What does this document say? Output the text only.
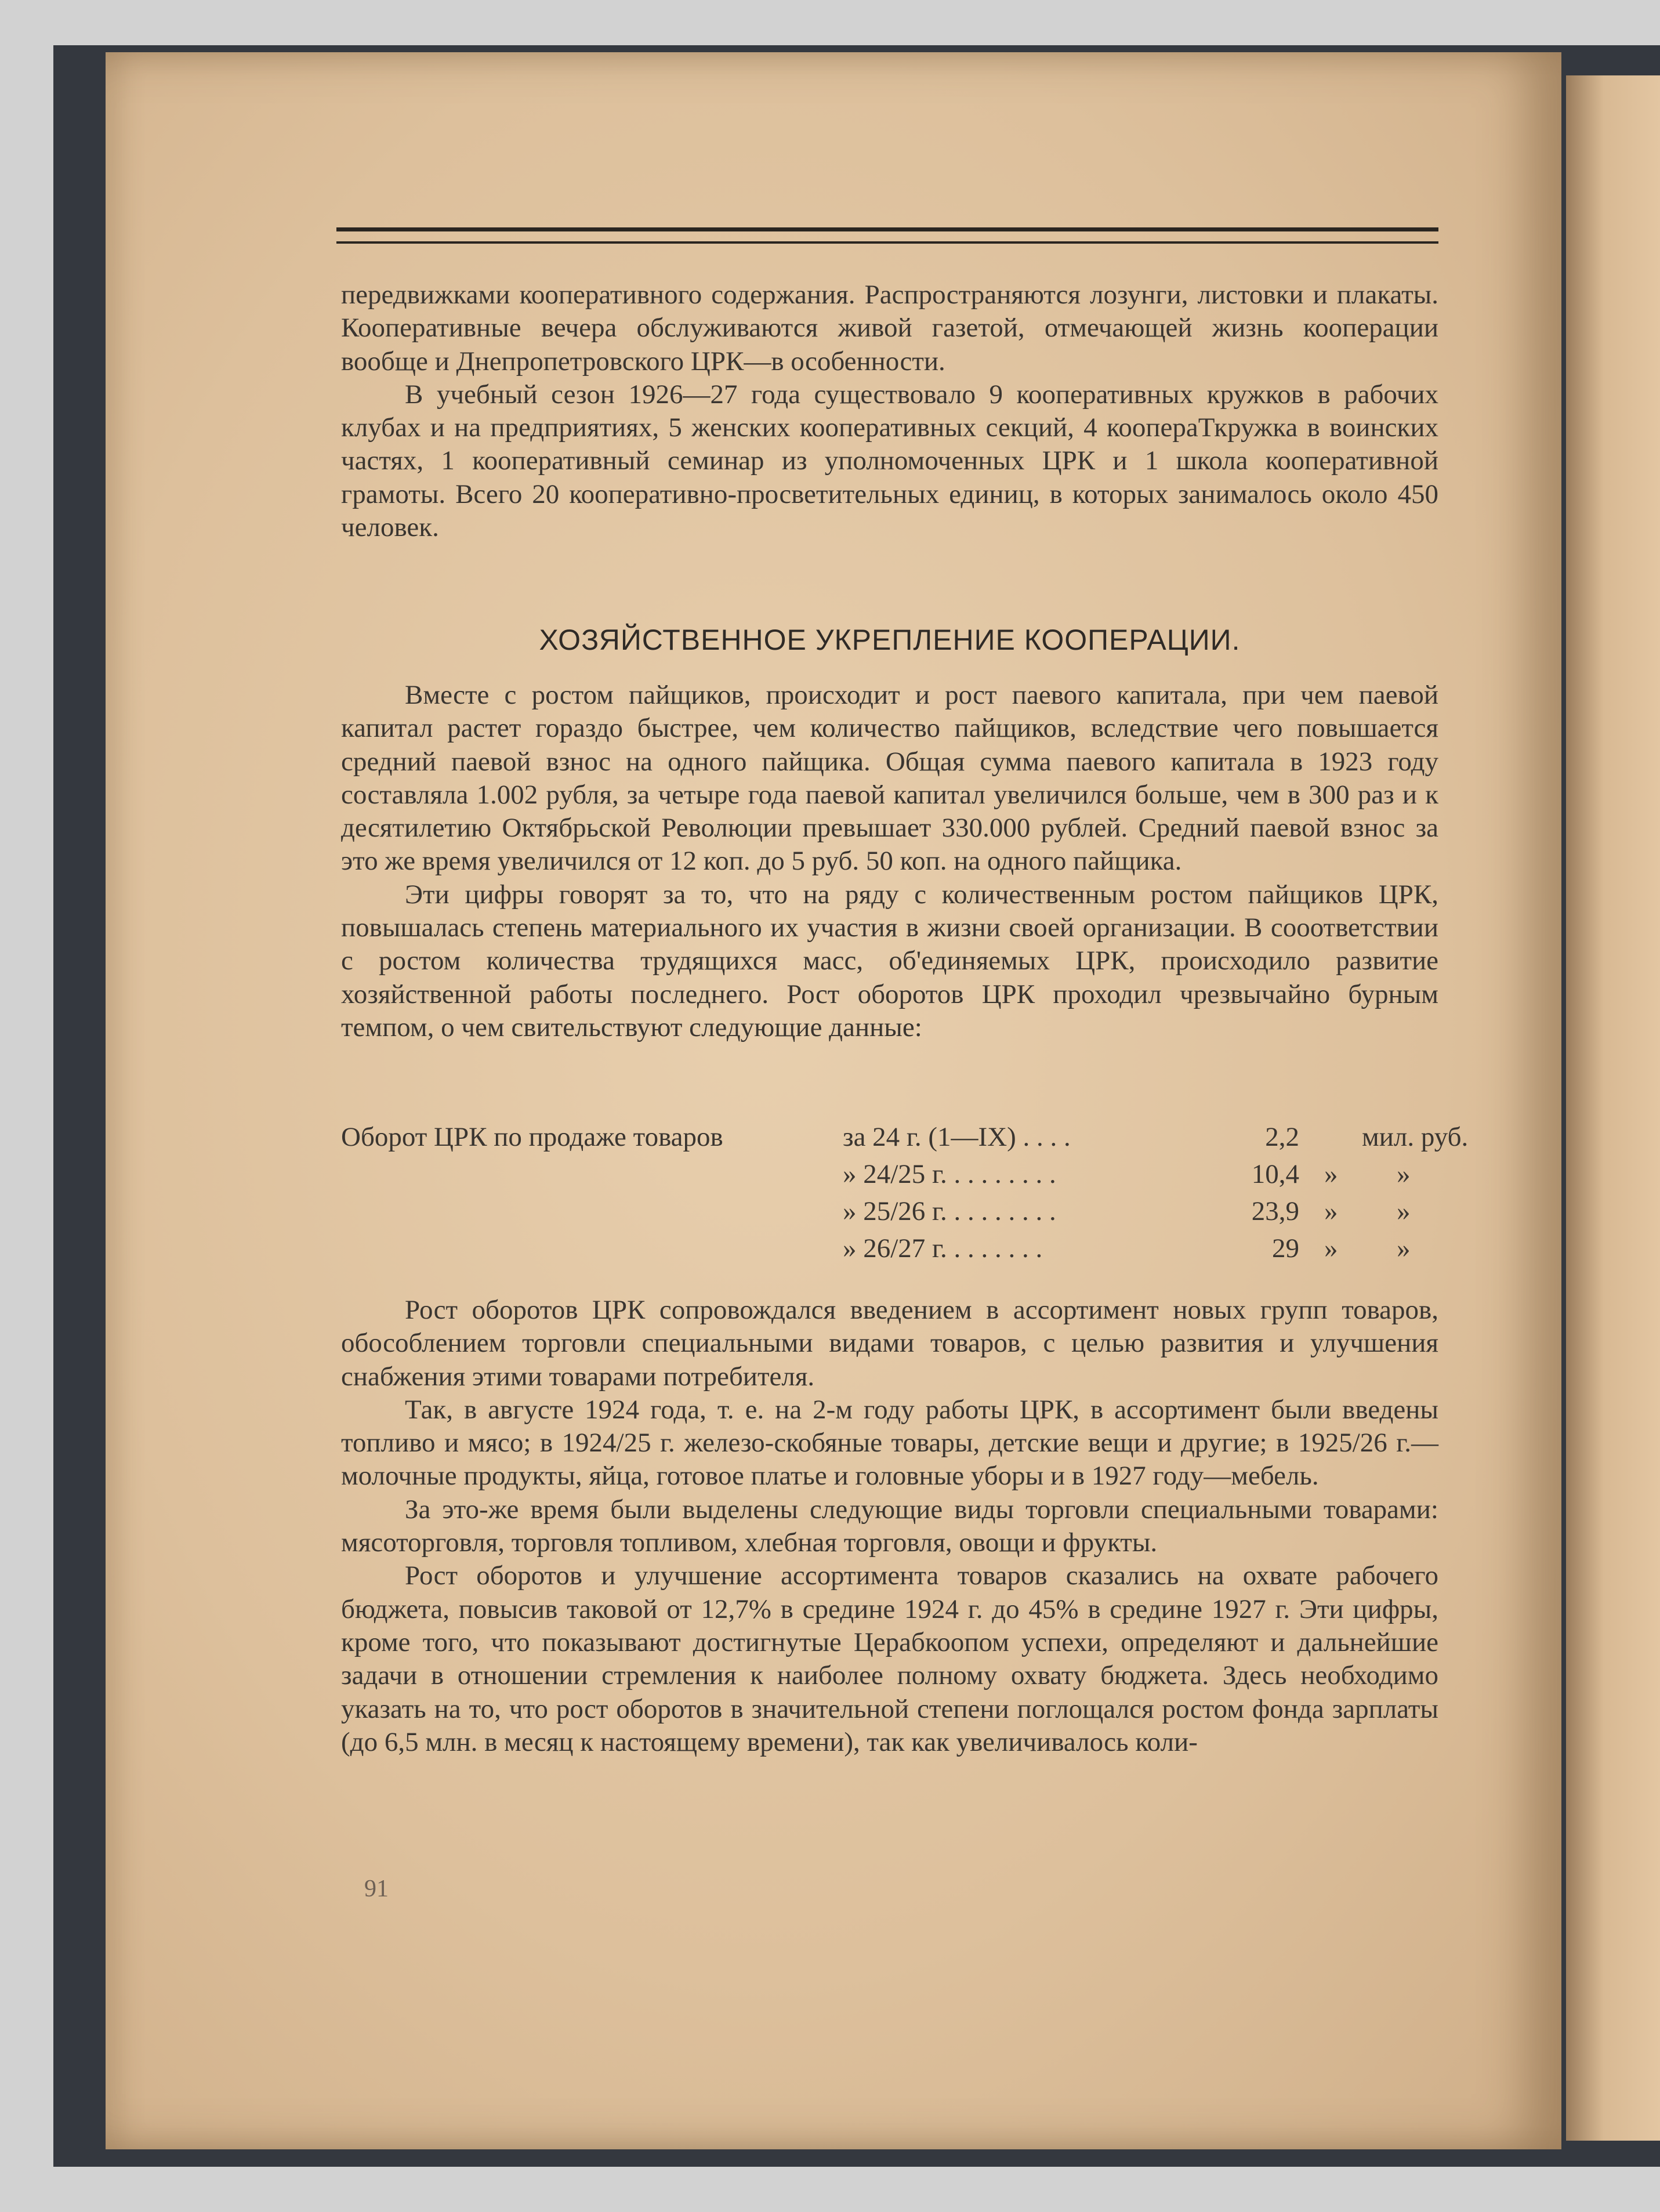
передвижками кооперативного содержания. Распространяются лозунги, листовки и плакаты. Кооперативные вечера обслуживаются живой газетой, отмечающей жизнь кооперации вообще и Днепропетровского ЦРК—в особенности.

В учебный сезон 1926—27 года существовало 9 кооперативных кружков в рабочих клубах и на предприятиях, 5 женских кооперативных секций, 4 коопераТкружка в воинских частях, 1 кооперативный семинар из уполномоченных ЦРК и 1 школа кооперативной грамоты. Всего 20 кооперативно-просветительных единиц, в которых занималось около 450 человек.

ХОЗЯЙСТВЕННОЕ УКРЕПЛЕНИЕ КООПЕРАЦИИ.

Вместе с ростом пайщиков, происходит и рост паевого капитала, при чем паевой капитал растет гораздо быстрее, чем количество пайщиков, вследствие чего повышается средний паевой взнос на одного пайщика. Общая сумма паевого капитала в 1923 году составляла 1.002 рубля, за четыре года паевой капитал увеличился больше, чем в 300 раз и к десятилетию Октябрьской Революции превышает 330.000 рублей. Средний паевой взнос за это же время увеличился от 12 коп. до 5 руб. 50 коп. на одного пайщика.

Эти цифры говорят за то, что на ряду с количественным ростом пайщиков ЦРК, повышалась степень материального их участия в жизни своей организации. В сооответствии с ростом количества трудящихся масс, об'единяемых ЦРК, происходило развитие хозяйственной работы последнего. Рост оборотов ЦРК проходил чрезвычайно бурным темпом, о чем свительствуют следующие данные:

Оборот ЦРК по продаже товаров	за 24 г. (1—IX) . . . .	2,2 мил. руб.
» 24/25 г. . . . . . . . .	10,4 » »
» 25/26 г. . . . . . . . .	23,9 » »
» 26/27 г. . . . . . . .	29 » »

Рост оборотов ЦРК сопровождался введением в ассортимент новых групп товаров, обособлением торговли специальными видами товаров, с целью развития и улучшения снабжения этими товарами потребителя.

Так, в августе 1924 года, т. е. на 2-м году работы ЦРК, в ассортимент были введены топливо и мясо; в 1924/25 г. железо-скобяные товары, детские вещи и другие; в 1925/26 г.—молочные продукты, яйца, готовое платье и головные уборы и в 1927 году—мебель.

За это-же время были выделены следующие виды торговли специальными товарами: мясоторговля, торговля топливом, хлебная торговля, овощи и фрукты.

Рост оборотов и улучшение ассортимента товаров сказались на охвате рабочего бюджета, повысив таковой от 12,7% в средине 1924 г. до 45% в средине 1927 г. Эти цифры, кроме того, что показывают достигнутые Церабкоопом успехи, определяют и дальнейшие задачи в отношении стремления к наиболее полному охвату бюджета. Здесь необходимо указать на то, что рост оборотов в значительной степени поглощался ростом фонда зарплаты (до 6,5 млн. в месяц к настоящему времени), так как увеличивалось коли-

91
